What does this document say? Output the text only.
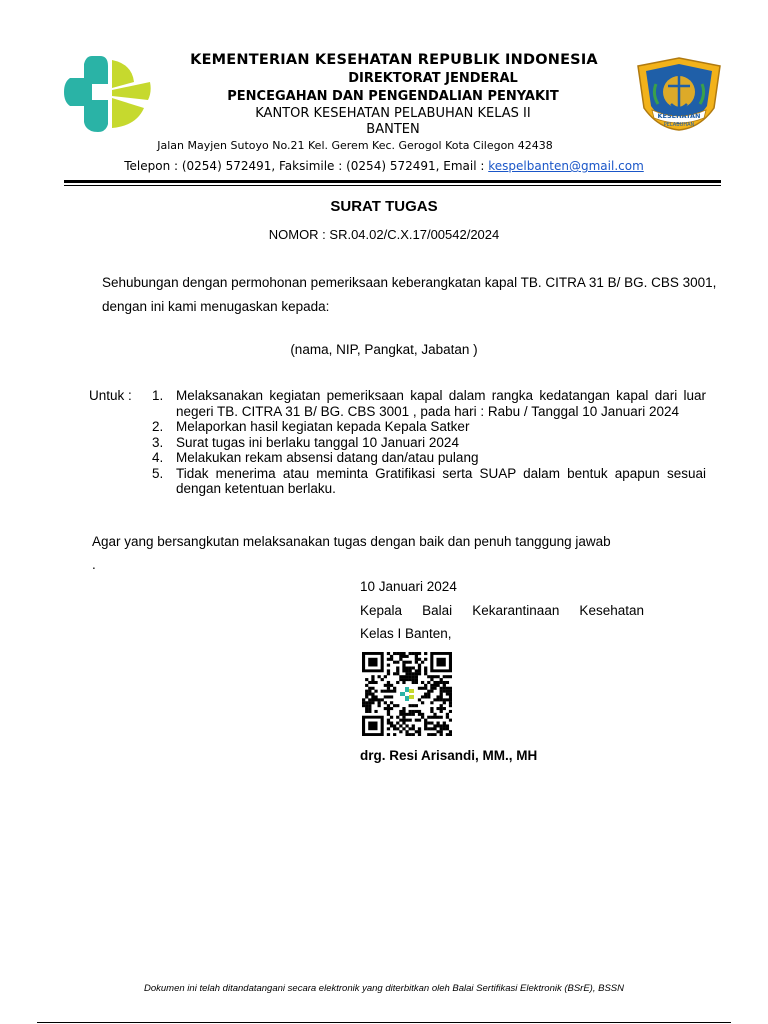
KESEHATAN
PELABUHAN
KEMENTERIAN KESEHATAN REPUBLIK INDONESIA
DIREKTORAT JENDERAL
PENCEGAHAN DAN PENGENDALIAN PENYAKIT
KANTOR KESEHATAN PELABUHAN KELAS II
BANTEN
Jalan Mayjen Sutoyo No.21 Kel. Gerem Kec. Gerogol Kota Cilegon 42438
Telepon : (0254) 572491, Faksimile : (0254) 572491, Email : kespelbanten@gmail.com
SURAT TUGAS
NOMOR : SR.04.02/C.X.17/00542/2024
Sehubungan dengan permohonan pemeriksaan keberangkatan kapal TB. CITRA 31 B/ BG. CBS 3001, dengan ini kami menugaskan kepada:
(nama, NIP, Pangkat, Jabatan )
Untuk : 1. Melaksanakan kegiatan pemeriksaan kapal dalam rangka kedatangan kapal dari luar negeri TB. CITRA 31 B/ BG. CBS 3001 , pada hari : Rabu / Tanggal 10 Januari 2024
2. Melaporkan hasil kegiatan kepada Kepala Satker
3. Surat tugas ini berlaku tanggal 10 Januari 2024
4. Melakukan rekam absensi datang dan/atau pulang
5. Tidak menerima atau meminta Gratifikasi serta SUAP dalam bentuk apapun sesuai dengan ketentuan berlaku.
Agar yang bersangkutan melaksanakan tugas dengan baik dan penuh tanggung jawab
.
10 Januari 2024
Kepala Balai Kekarantinaan Kesehatan
Kelas I Banten,
drg. Resi Arisandi, MM., MH
Dokumen ini telah ditandatangani secara elektronik yang diterbitkan oleh Balai Sertifikasi Elektronik (BSrE), BSSN
